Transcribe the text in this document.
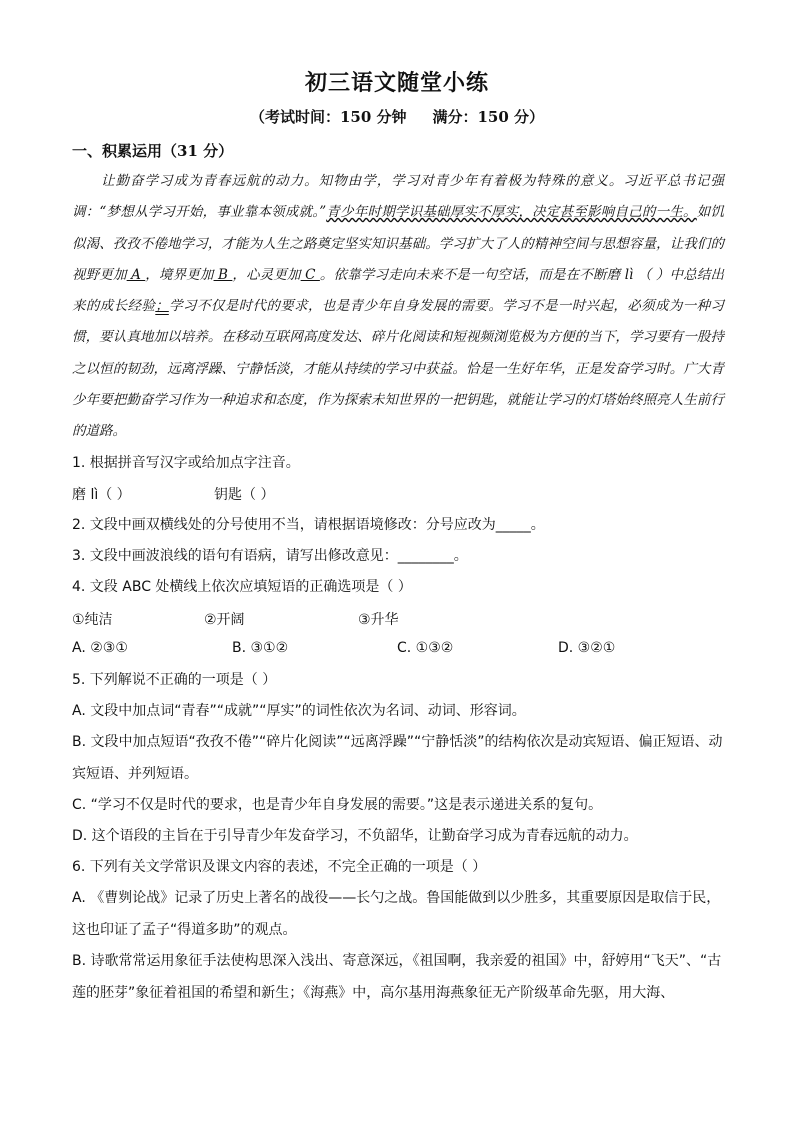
初三语文随堂小练
（考试时间：150 分钟 满分：150 分）
一、积累运用（31 分）

让勤奋学习成为青春远航的动力。知物由学，学习对青少年有着极为特殊的意义。习近平总书记强调：“梦想从学习开始，事业靠本领成就。”青少年时期学识基础厚实不厚实，决定甚至影响自己的一生。如饥似渴、孜孜不倦地学习，才能为人生之路奠定坚实知识基础。学习扩大了人的精神空间与思想容量，让我们的视野更加 A ，境界更加 B ，心灵更加 C 。依靠学习走向未来不是一句空话，而是在不断磨 lì （ ）中总结出来的成长经验；学习不仅是时代的要求，也是青少年自身发展的需要。学习不是一时兴起，必须成为一种习惯，要认真地加以培养。在移动互联网高度发达、碎片化阅读和短视频浏览极为方便的当下，学习要有一股持之以恒的韧劲，远离浮躁、宁静恬淡，才能从持续的学习中获益。恰是一生好年华，正是发奋学习时。广大青少年要把勤奋学习作为一种追求和态度，作为探索未知世界的一把钥匙，就能让学习的灯塔始终照亮人生前行的道路。

1. 根据拼音写汉字或给加点字注音。

磨 lì（ ）	钥匙（ ）

2. 文段中画双横线处的分号使用不当，请根据语境修改：分号应改为_____。

3. 文段中画波浪线的语句有语病，请写出修改意见：________。

4. 文段 ABC 处横线上依次应填短语的正确选项是（ ）

①纯洁	②开阔	③升华
A. ②③①	B. ③①②	C. ①③②	D. ③②①

5. 下列解说不正确的一项是（ ）

A. 文段中加点词“青春”“成就”“厚实”的词性依次为名词、动词、形容词。

B. 文段中加点短语“孜孜不倦”“碎片化阅读”“远离浮躁”“宁静恬淡”的结构依次是动宾短语、偏正短语、动宾短语、并列短语。

C. “学习不仅是时代的要求，也是青少年自身发展的需要。”这是表示递进关系的复句。

D. 这个语段的主旨在于引导青少年发奋学习，不负韶华，让勤奋学习成为青春远航的动力。

6. 下列有关文学常识及课文内容的表述，不完全正确的一项是（ ）

A. 《曹刿论战》记录了历史上著名的战役——长勺之战。鲁国能做到以少胜多，其重要原因是取信于民，这也印证了孟子“得道多助”的观点。

B. 诗歌常常运用象征手法使构思深入浅出、寄意深远，《祖国啊，我亲爱的祖国》中，舒婷用“飞天”、“古莲的胚芽”象征着祖国的希望和新生；《海燕》中，高尔基用海燕象征无产阶级革命先驱，用大海、
